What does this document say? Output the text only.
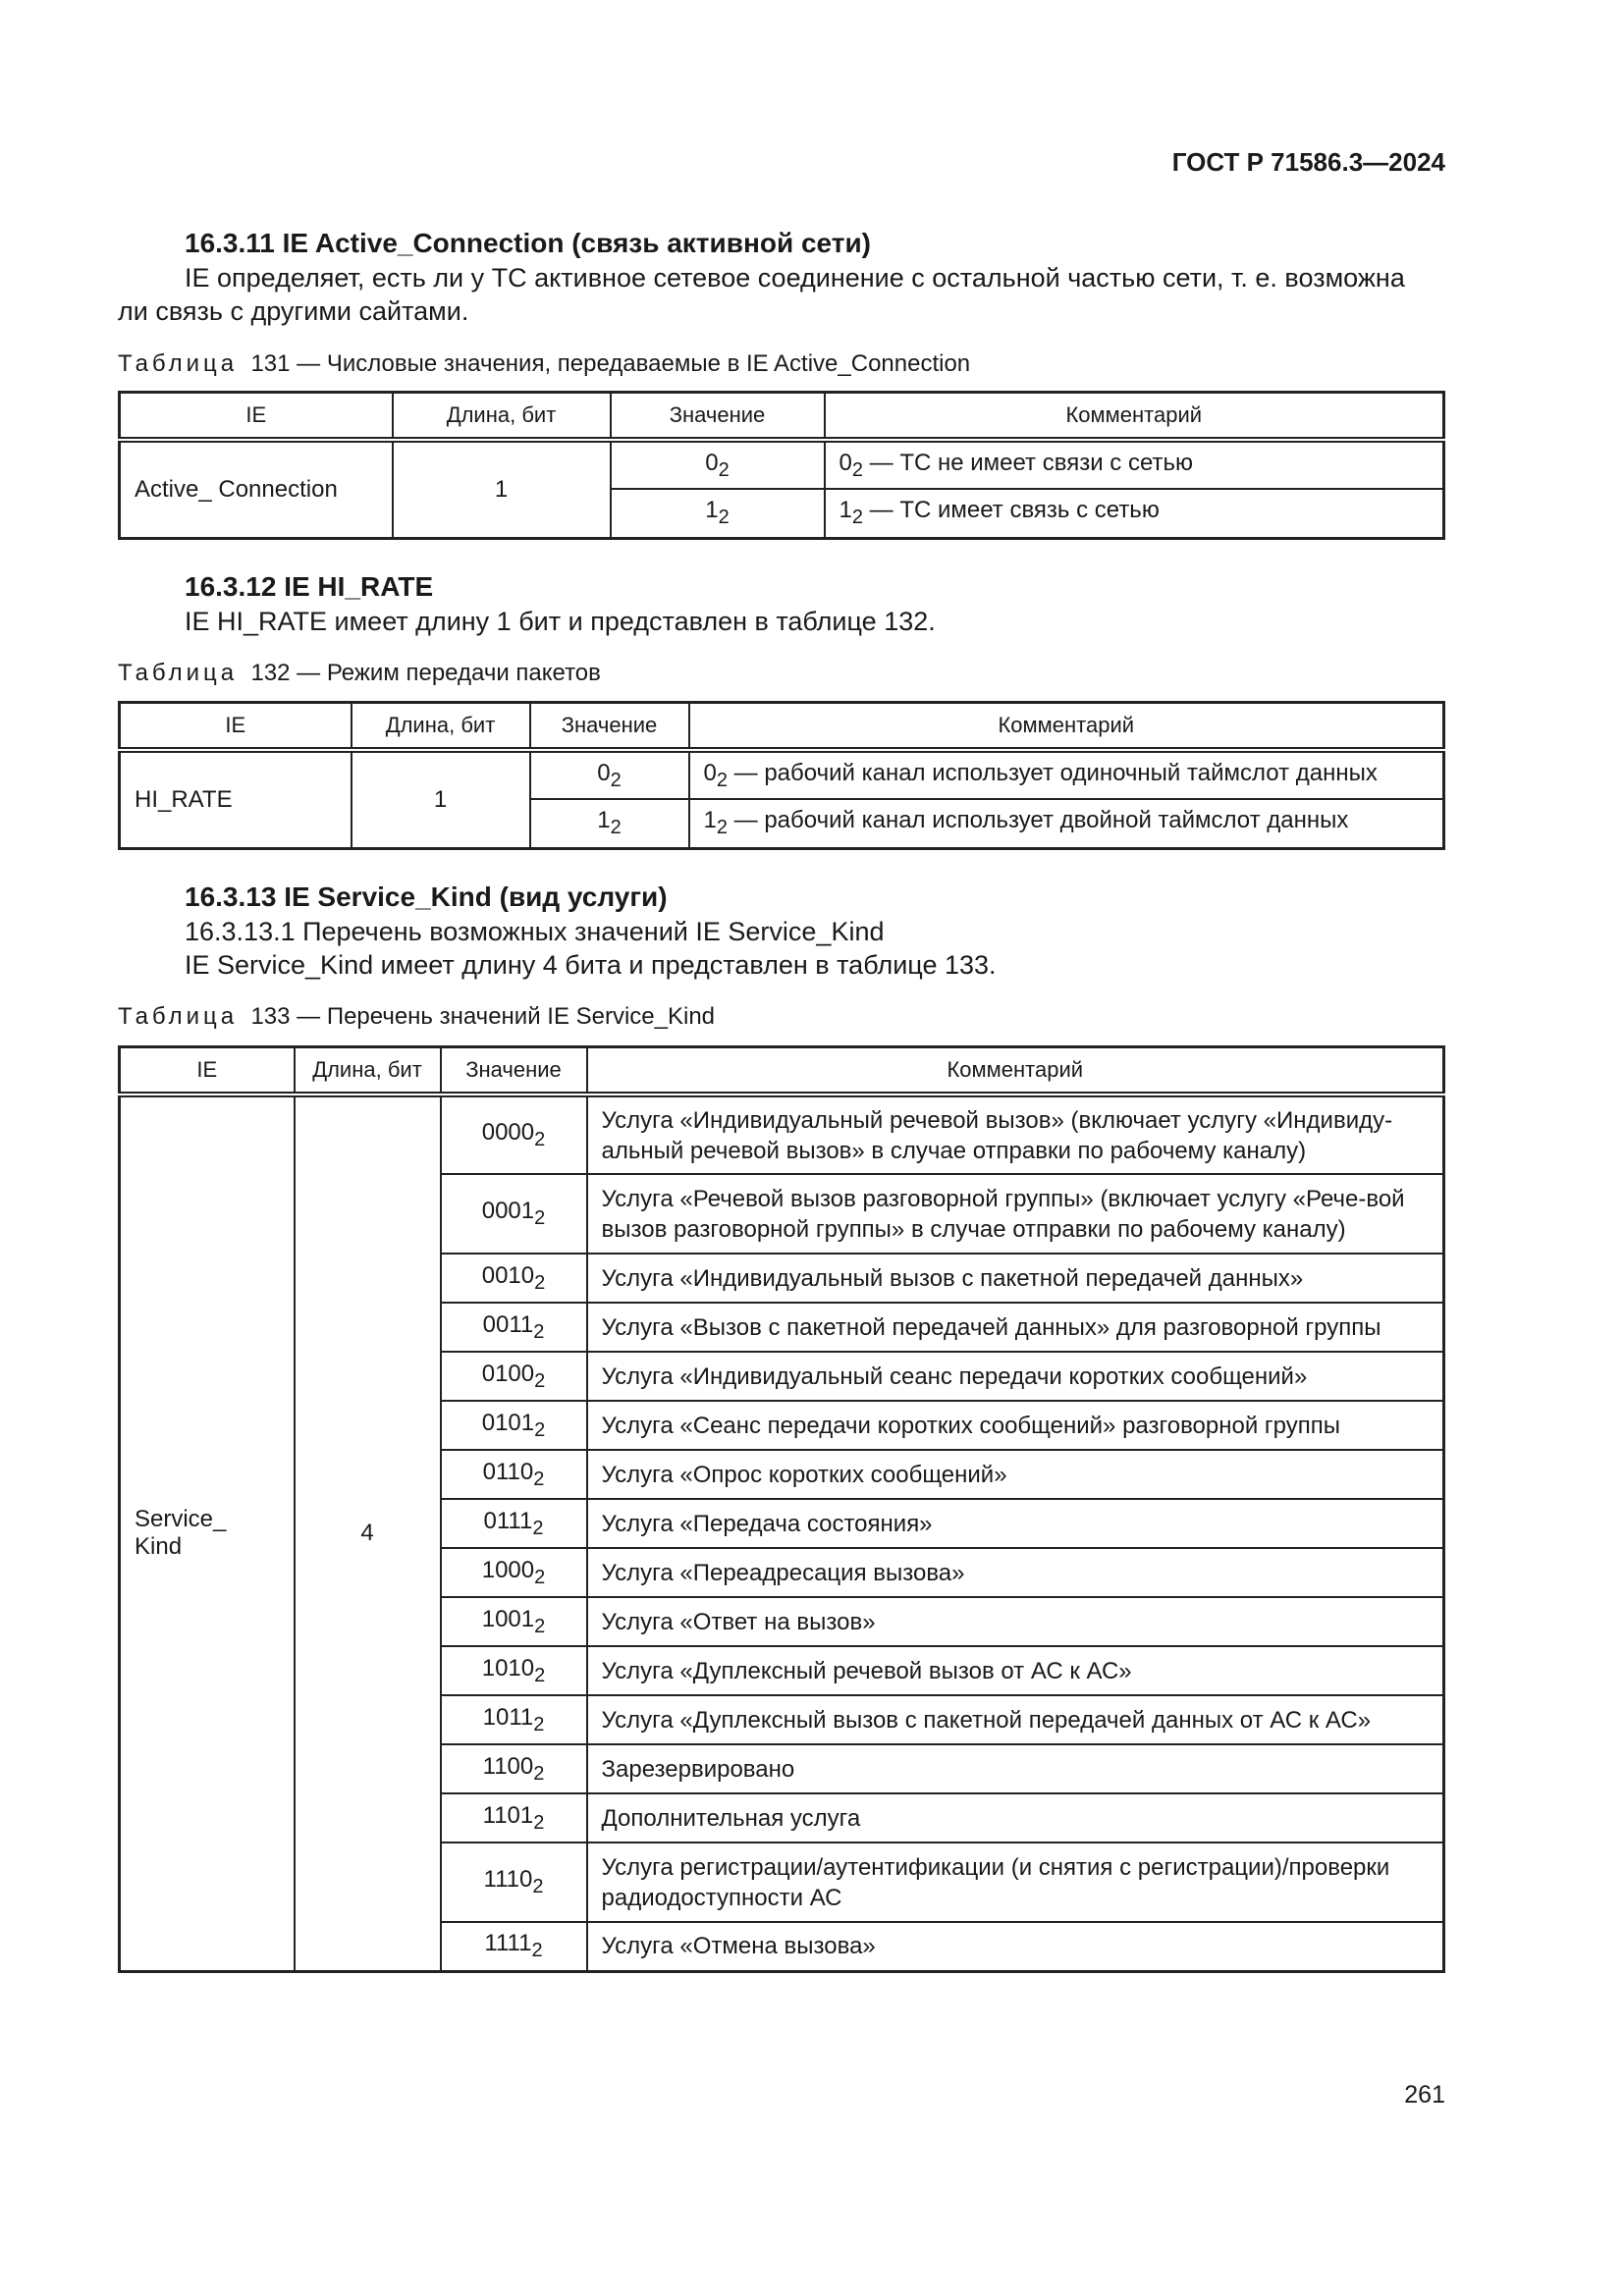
ГОСТ Р 71586.3—2024
16.3.11 IE Active_Connection (связь активной сети)
IE определяет, есть ли у ТС активное сетевое соединение с остальной частью сети, т. е. возможна
ли связь с другими сайтами.
Таблица 131 — Числовые значения, передаваемые в IE Active_Connection
IE	Длина, бит	Значение	Комментарий
Active_ Connection	1	$0_2$	$0_2$ — ТС не имеет связи с сетью
		$1_2$	$1_2$ — ТС имеет связь с сетью
16.3.12 IE HI_RATE
IE HI_RATE имеет длину 1 бит и представлен в таблице 132.
Таблица 132 — Режим передачи пакетов
IE	Длина, бит	Значение	Комментарий
HI_RATE	1	$0_2$	$0_2$ — рабочий канал использует одиночный таймслот данных
		$1_2$	$1_2$ — рабочий канал использует двойной таймслот данных
16.3.13 IE Service_Kind (вид услуги)
16.3.13.1 Перечень возможных значений IE Service_Kind
IE Service_Kind имеет длину 4 бита и представлен в таблице 133.
Таблица 133 — Перечень значений IE Service_Kind
IE	Длина, бит	Значение	Комментарий
Service_
Kind	4	$0000_2$	Услуга «Индивидуальный речевой вызов» (включает услугу «Индивиду-альный речевой вызов» в случае отправки по рабочему каналу)
		$0001_2$	Услуга «Речевой вызов разговорной группы» (включает услугу «Рече-вой вызов разговорной группы» в случае отправки по рабочему каналу)
		$0010_2$	Услуга «Индивидуальный вызов с пакетной передачей данных»
		$0011_2$	Услуга «Вызов с пакетной передачей данных» для разговорной группы
		$0100_2$	Услуга «Индивидуальный сеанс передачи коротких сообщений»
		$0101_2$	Услуга «Сеанс передачи коротких сообщений» разговорной группы
		$0110_2$	Услуга «Опрос коротких сообщений»
		$0111_2$	Услуга «Передача состояния»
		$1000_2$	Услуга «Переадресация вызова»
		$1001_2$	Услуга «Ответ на вызов»
		$1010_2$	Услуга «Дуплексный речевой вызов от АС к АС»
		$1011_2$	Услуга «Дуплексный вызов с пакетной передачей данных от АС к АС»
		$1100_2$	Зарезервировано
		$1101_2$	Дополнительная услуга
		$1110_2$	Услуга регистрации/аутентификации (и снятия с регистрации)/проверки радиодоступности АС
		$1111_2$	Услуга «Отмена вызова»
261
